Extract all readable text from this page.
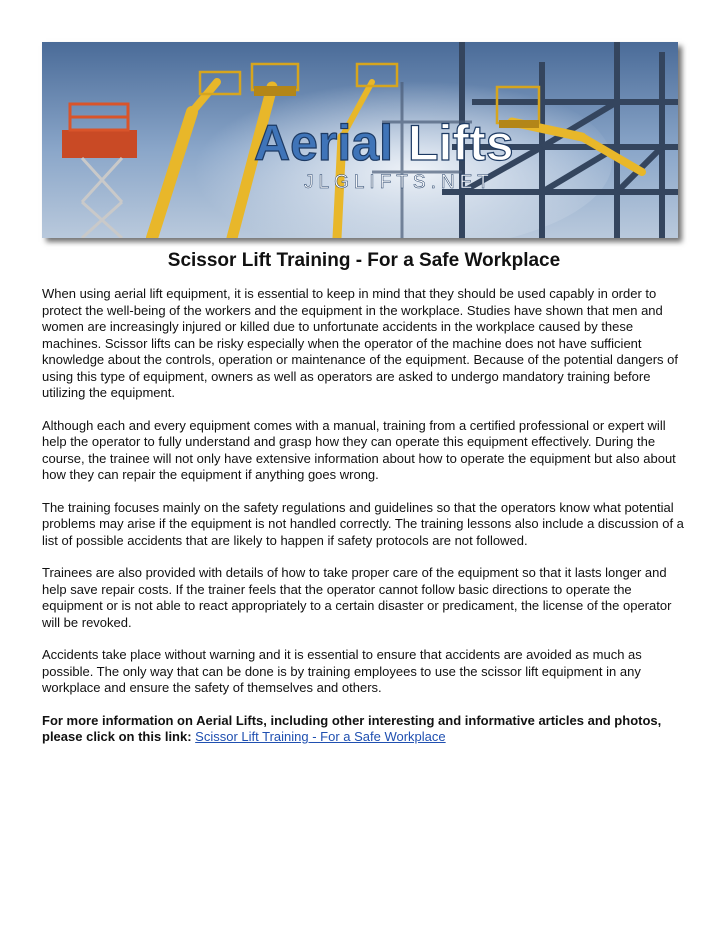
Aerial Lifts
JLGLIFTS.NET
Scissor Lift Training - For a Safe Workplace

When using aerial lift equipment, it is essential to keep in mind that they should be used capably in order to protect the well-being of the workers and the equipment in the workplace. Studies have shown that men and women are increasingly injured or killed due to unfortunate accidents in the workplace caused by these machines. Scissor lifts can be risky especially when the operator of the machine does not have sufficient knowledge about the controls, operation or maintenance of the equipment. Because of the potential dangers of using this type of equipment, owners as well as operators are asked to undergo mandatory training before utilizing the equipment.

Although each and every equipment comes with a manual, training from a certified professional or expert will help the operator to fully understand and grasp how they can operate this equipment effectively. During the course, the trainee will not only have extensive information about how to operate the equipment but also about how they can repair the equipment if anything goes wrong.

The training focuses mainly on the safety regulations and guidelines so that the operators know what potential problems may arise if the equipment is not handled correctly. The training lessons also include a discussion of a list of possible accidents that are likely to happen if safety protocols are not followed.

Trainees are also provided with details of how to take proper care of the equipment so that it lasts longer and help save repair costs. If the trainer feels that the operator cannot follow basic directions to operate the equipment or is not able to react appropriately to a certain disaster or predicament, the license of the operator will be revoked.

Accidents take place without warning and it is essential to ensure that accidents are avoided as much as possible. The only way that can be done is by training employees to use the scissor lift equipment in any workplace and ensure the safety of themselves and others.

For more information on Aerial Lifts, including other interesting and informative articles and photos, please click on this link: Scissor Lift Training - For a Safe Workplace
